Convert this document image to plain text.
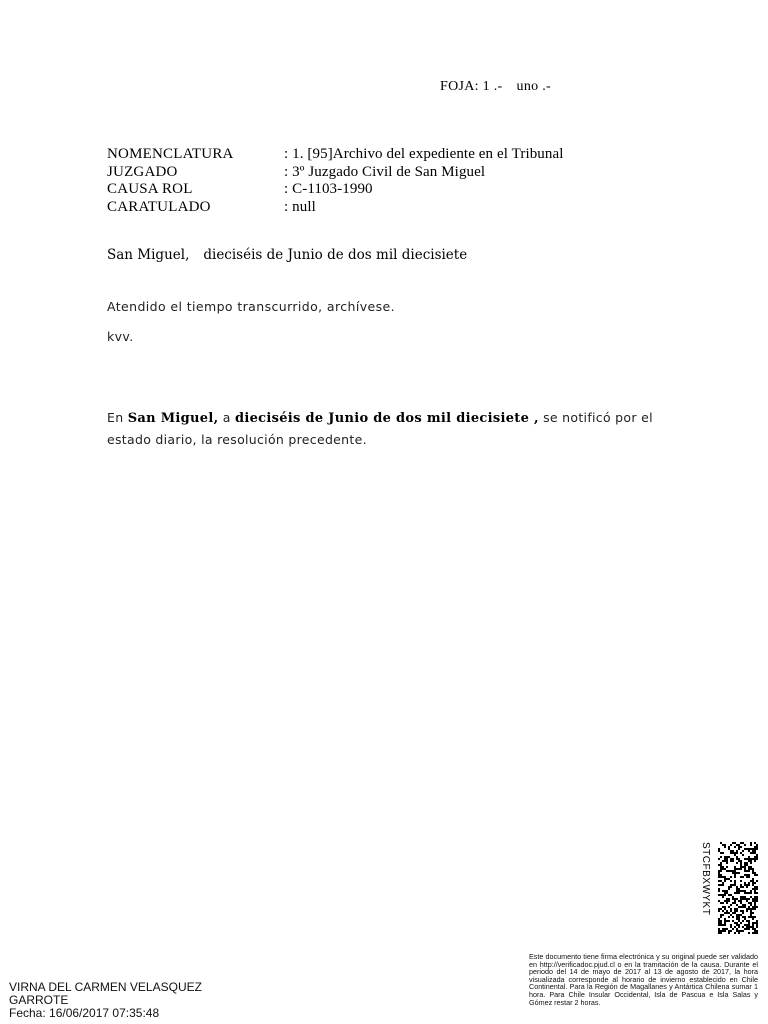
FOJA: 1 .- uno .-
NOMENCLATURA	: 1. [95]Archivo del expediente en el Tribunal
JUZGADO	: 3º Juzgado Civil de San Miguel
CAUSA ROL	: C-1103-1990
CARATULADO	: null
San Miguel, dieciséis de Junio de dos mil diecisiete
Atendido el tiempo transcurrido, archívese.
kvv.
En San Miguel, a dieciséis de Junio de dos mil diecisiete , se notificó por el estado diario, la resolución precedente.
STCFBXWYKT
Este documento tiene firma electrónica y su original puede ser validado en http://verificadoc.pjud.cl o en la tramitación de la causa. Durante el periodo del 14 de mayo de 2017 al 13 de agosto de 2017, la hora visualizada corresponde al horario de invierno establecido en Chile Continental. Para la Región de Magallanes y Antártica Chilena sumar 1 hora. Para Chile Insular Occidental, Isla de Pascua e Isla Salas y Gómez restar 2 horas.
VIRNA DEL CARMEN VELASQUEZ
GARROTE
Fecha: 16/06/2017 07:35:48
